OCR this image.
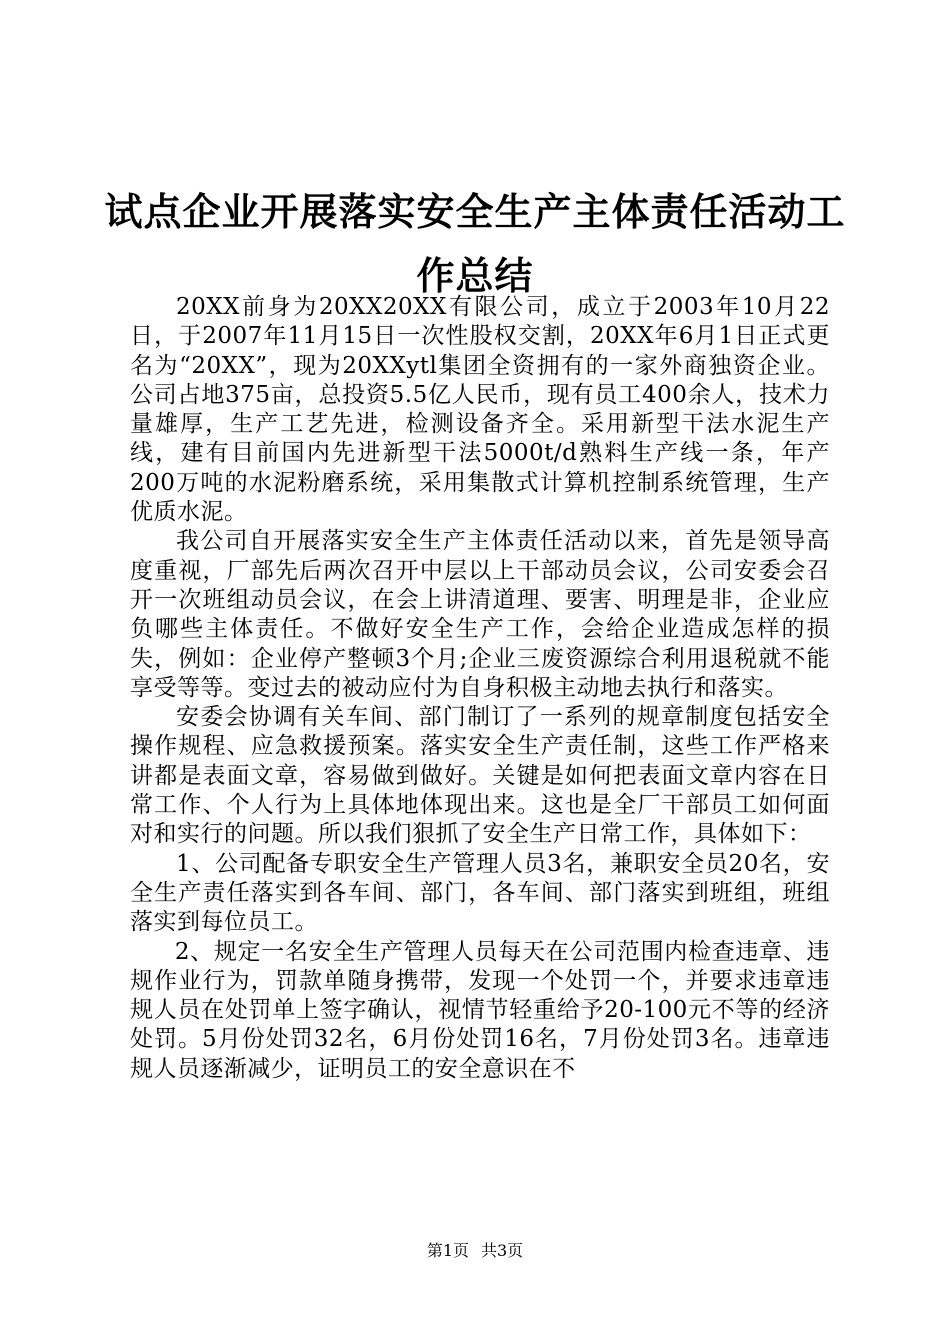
试点企业开展落实安全生产主体责任活动工作总结

20XX前身为20XX20XX有限公司，成立于2003年10月22日，于2007年11月15日一次性股权交割，20XX年6月1日正式更名为“20XX”，现为20XXytl集团全资拥有的一家外商独资企业。公司占地375亩，总投资5.5亿人民币，现有员工400余人，技术力量雄厚，生产工艺先进，检测设备齐全。采用新型干法水泥生产线，建有目前国内先进新型干法5000t/d熟料生产线一条，年产200万吨的水泥粉磨系统，采用集散式计算机控制系统管理，生产优质水泥。

我公司自开展落实安全生产主体责任活动以来，首先是领导高度重视，厂部先后两次召开中层以上干部动员会议，公司安委会召开一次班组动员会议，在会上讲清道理、要害、明理是非，企业应负哪些主体责任。不做好安全生产工作，会给企业造成怎样的损失，例如：企业停产整顿3个月;企业三废资源综合利用退税就不能享受等等。变过去的被动应付为自身积极主动地去执行和落实。

安委会协调有关车间、部门制订了一系列的规章制度包括安全操作规程、应急救援预案。落实安全生产责任制，这些工作严格来讲都是表面文章，容易做到做好。关键是如何把表面文章内容在日常工作、个人行为上具体地体现出来。这也是全厂干部员工如何面对和实行的问题。所以我们狠抓了安全生产日常工作，具体如下：

1、公司配备专职安全生产管理人员3名，兼职安全员20名，安全生产责任落实到各车间、部门，各车间、部门落实到班组，班组落实到每位员工。

2、规定一名安全生产管理人员每天在公司范围内检查违章、违规作业行为，罚款单随身携带，发现一个处罚一个，并要求违章违规人员在处罚单上签字确认，视情节轻重给予20-100元不等的经济处罚。5月份处罚32名，6月份处罚16名，7月份处罚3名。违章违规人员逐渐减少，证明员工的安全意识在不

第1页 共3页
